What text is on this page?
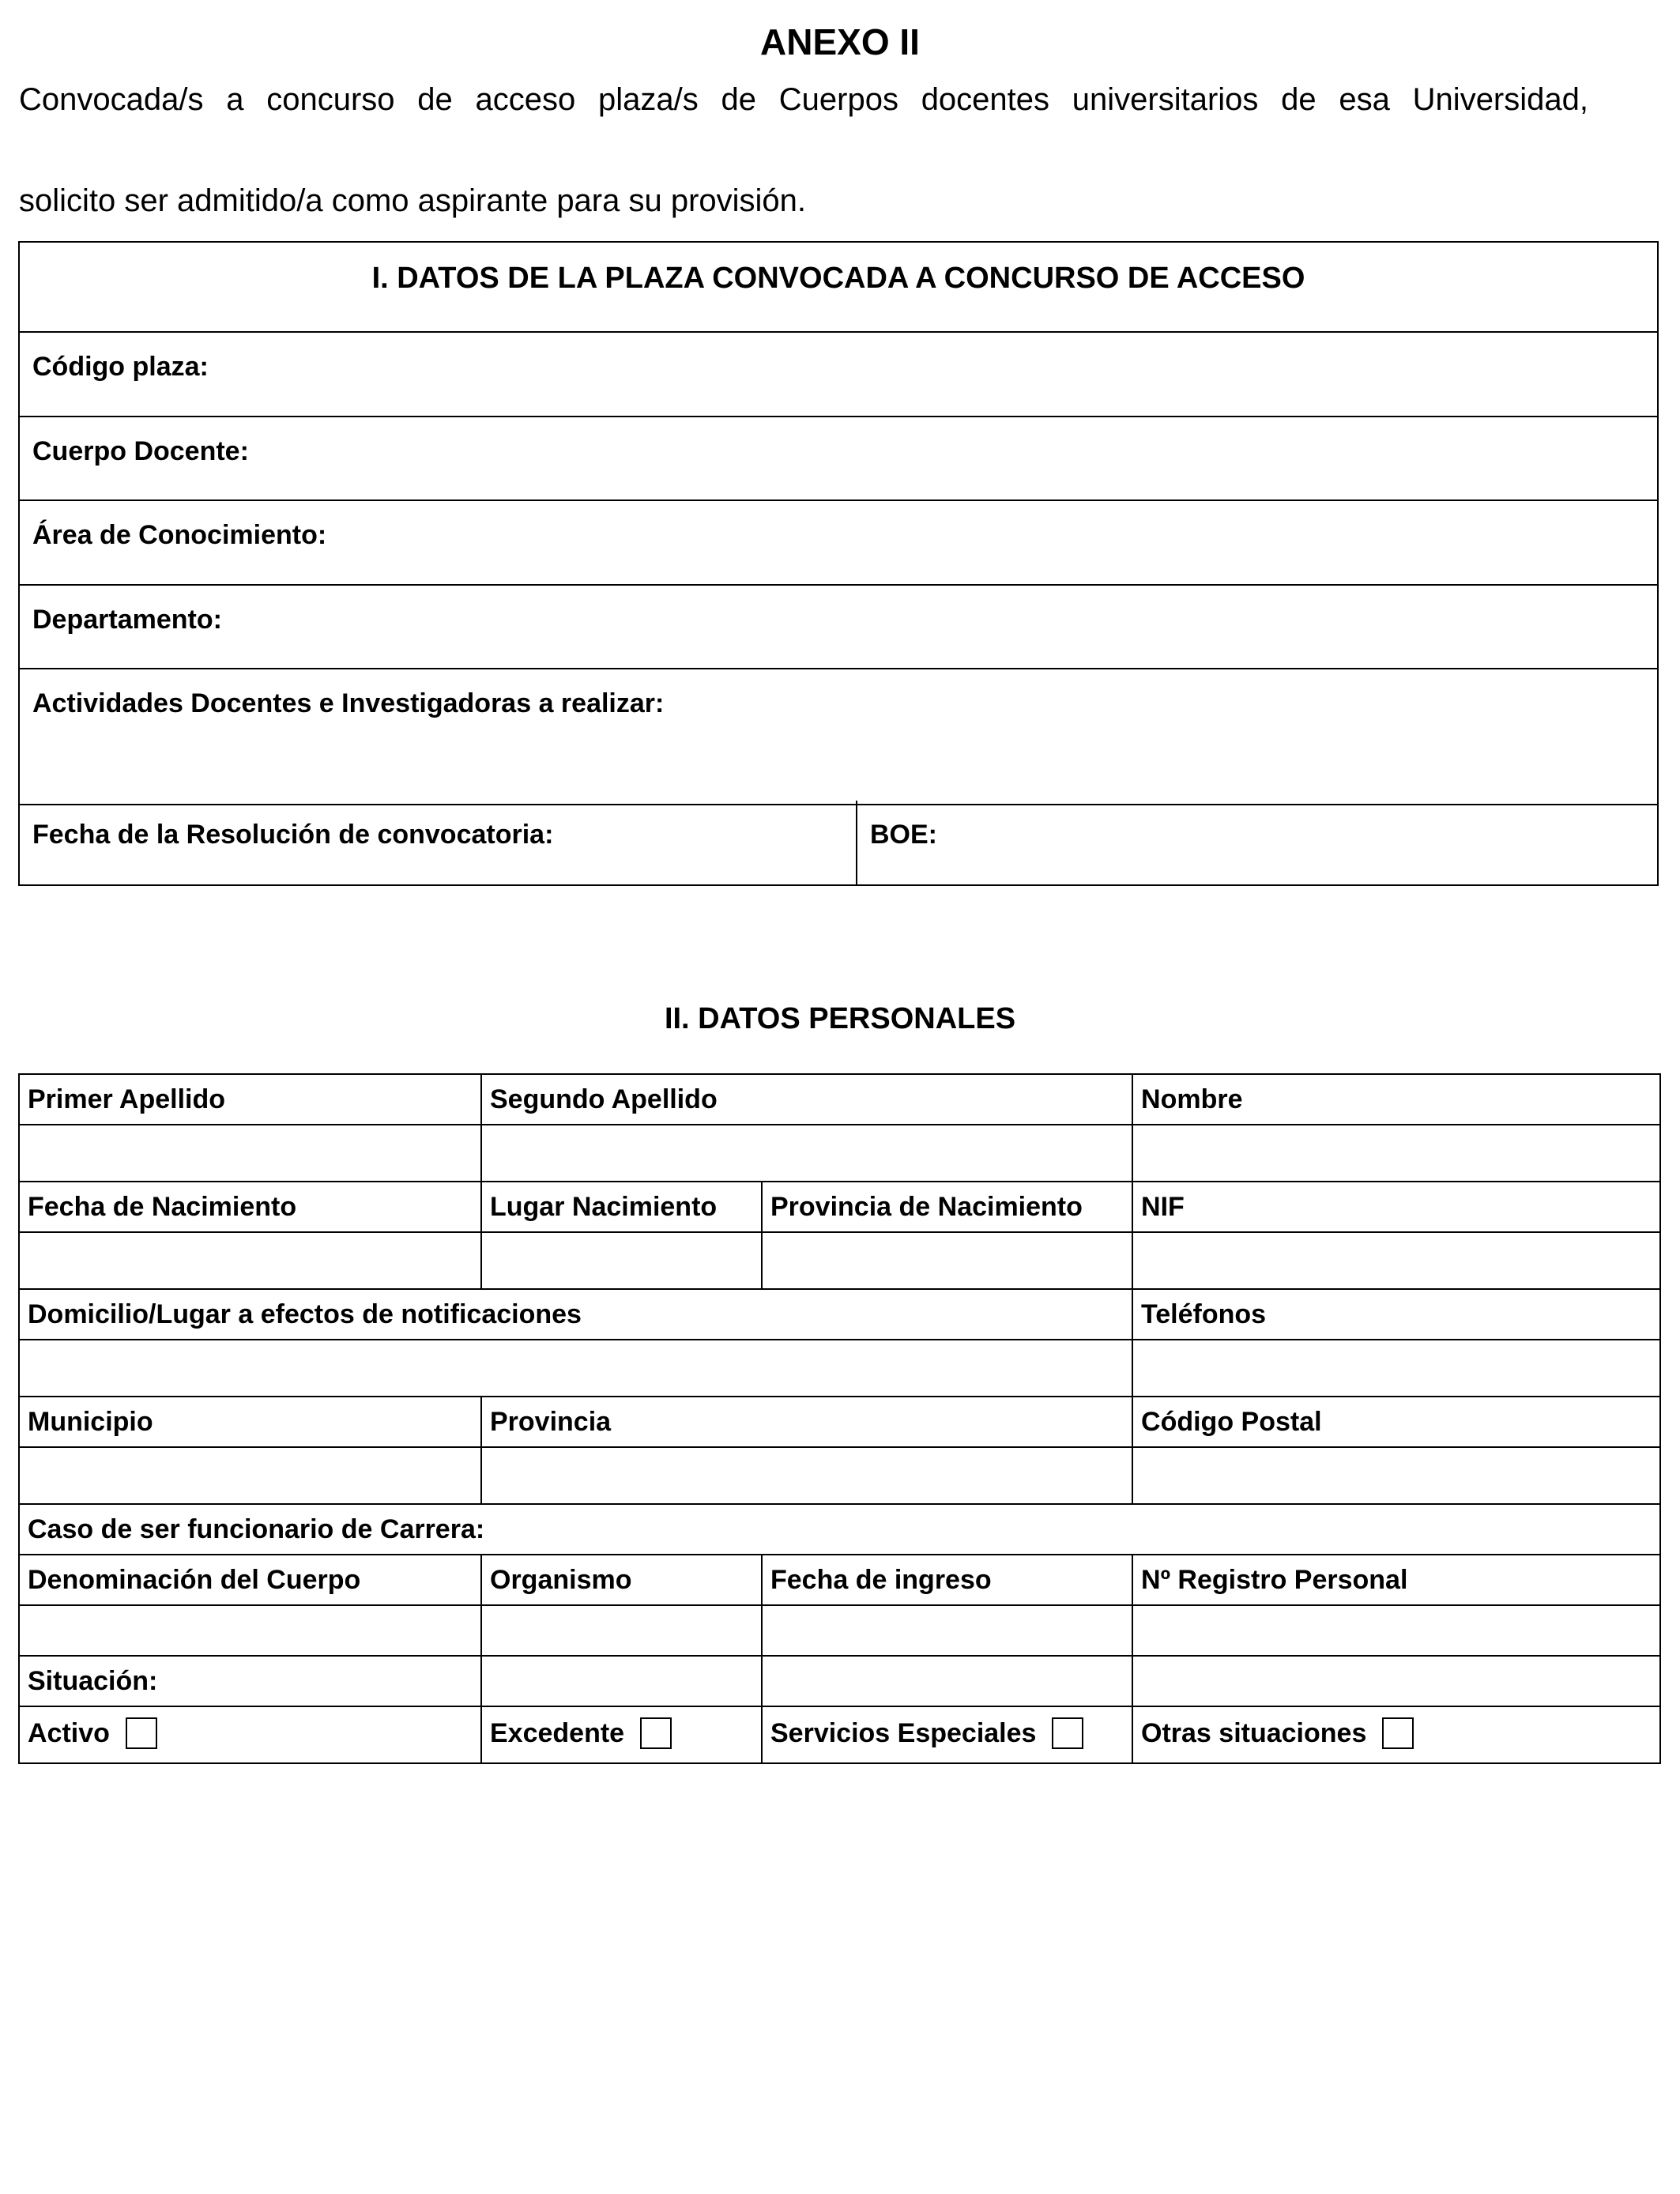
ANEXO II
Convocada/s a concurso de acceso plaza/s de Cuerpos docentes universitarios de esa Universidad,
solicito ser admitido/a como aspirante para su provisión.
I. DATOS DE LA PLAZA CONVOCADA A CONCURSO DE ACCESO
Código plaza:
Cuerpo Docente:
Área de Conocimiento:
Departamento:
Actividades Docentes e Investigadoras a realizar:
Fecha de la Resolución de convocatoria:	BOE:
II. DATOS PERSONALES
Primer Apellido	Segundo Apellido		Nombre

Fecha de Nacimiento	Lugar Nacimiento	Provincia de Nacimiento	NIF

Domicilio/Lugar a efectos de notificaciones			Teléfonos

Municipio	Provincia		Código Postal

Caso de ser funcionario de Carrera:			
Denominación del Cuerpo	Organismo	Fecha de ingreso	Nº Registro Personal

Situación:			
Activo	Excedente	Servicios Especiales	Otras situaciones
